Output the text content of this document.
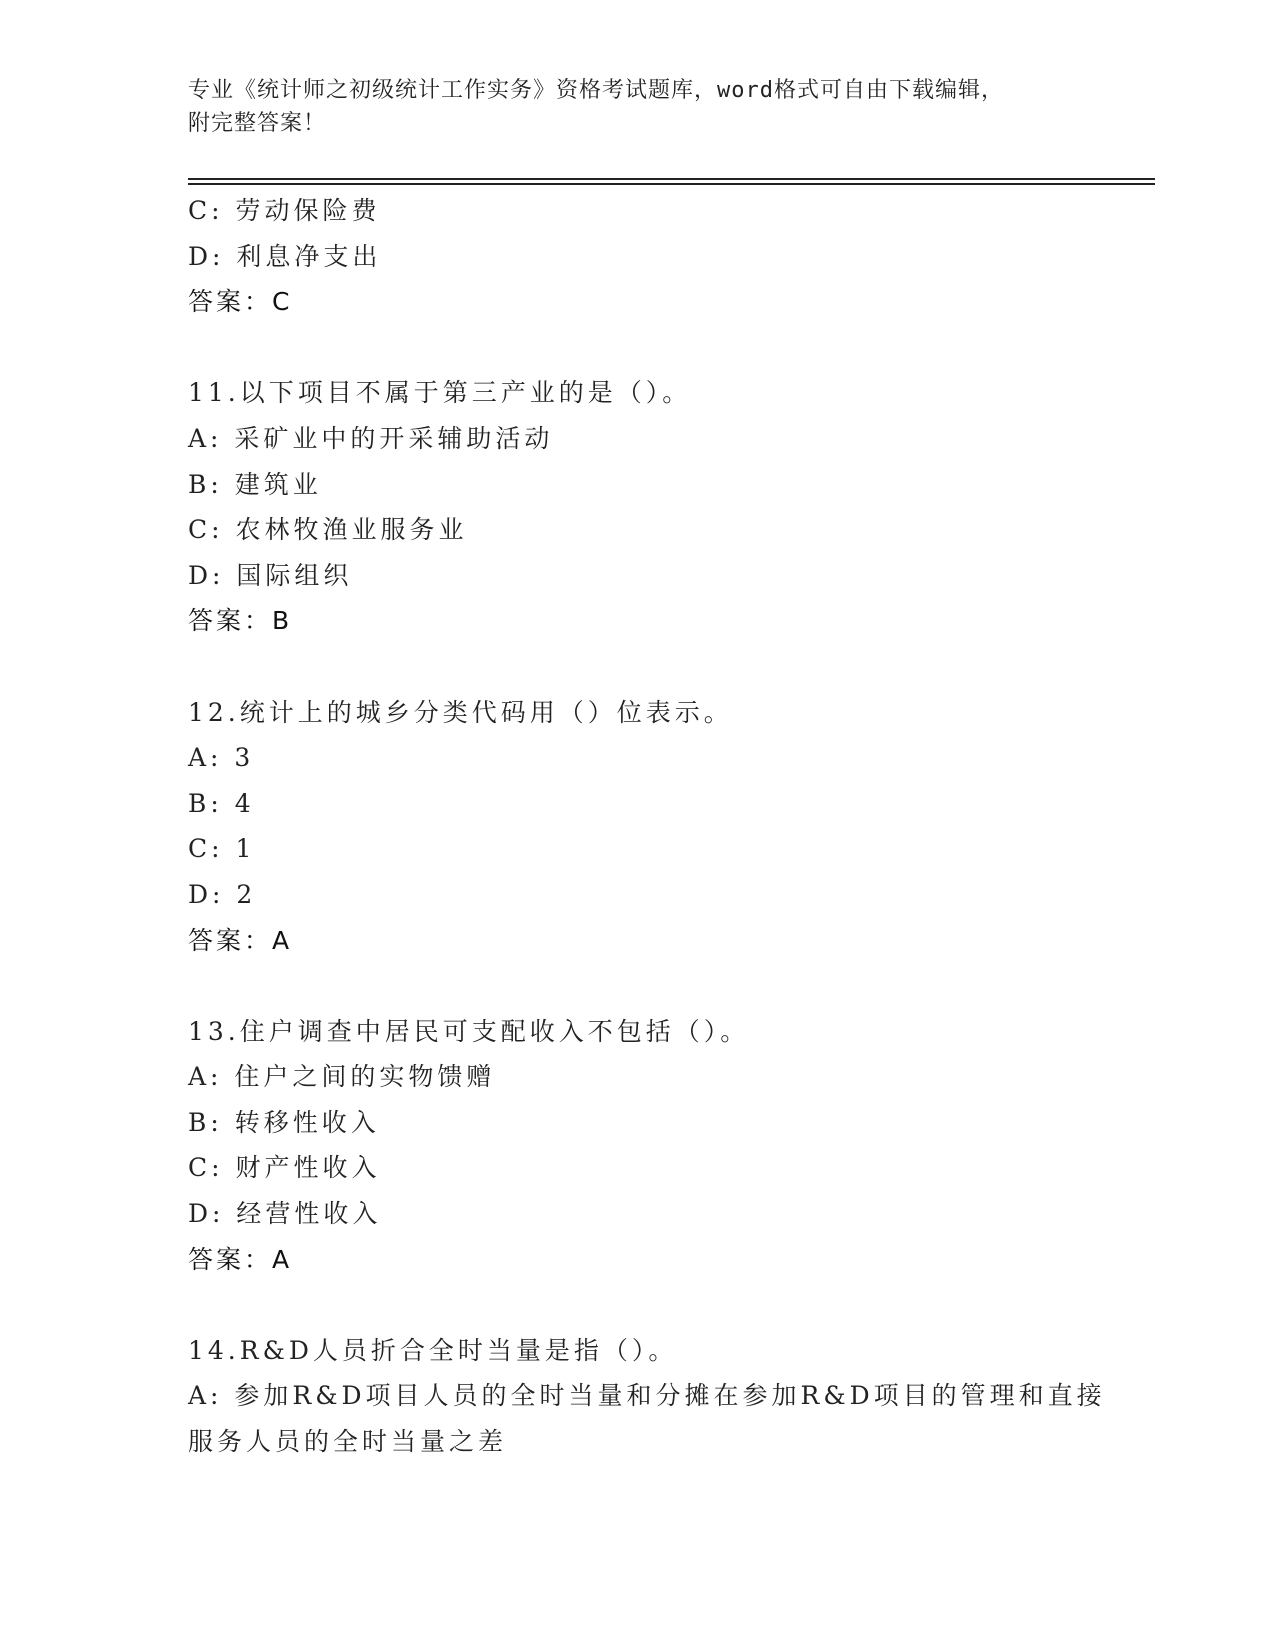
专业《统计师之初级统计工作实务》资格考试题库，word格式可自由下载编辑，
附完整答案！
C: 劳动保险费
D: 利息净支出
答案：C
11.以下项目不属于第三产业的是（）。
A: 采矿业中的开采辅助活动
B: 建筑业
C: 农林牧渔业服务业
D: 国际组织
答案：B
12.统计上的城乡分类代码用（）位表示。
A: 3
B: 4
C: 1
D: 2
答案：A
13.住户调查中居民可支配收入不包括（）。
A: 住户之间的实物馈赠
B: 转移性收入
C: 财产性收入
D: 经营性收入
答案：A
14.R&D人员折合全时当量是指（）。
A: 参加R&D项目人员的全时当量和分摊在参加R&D项目的管理和直接
服务人员的全时当量之差
